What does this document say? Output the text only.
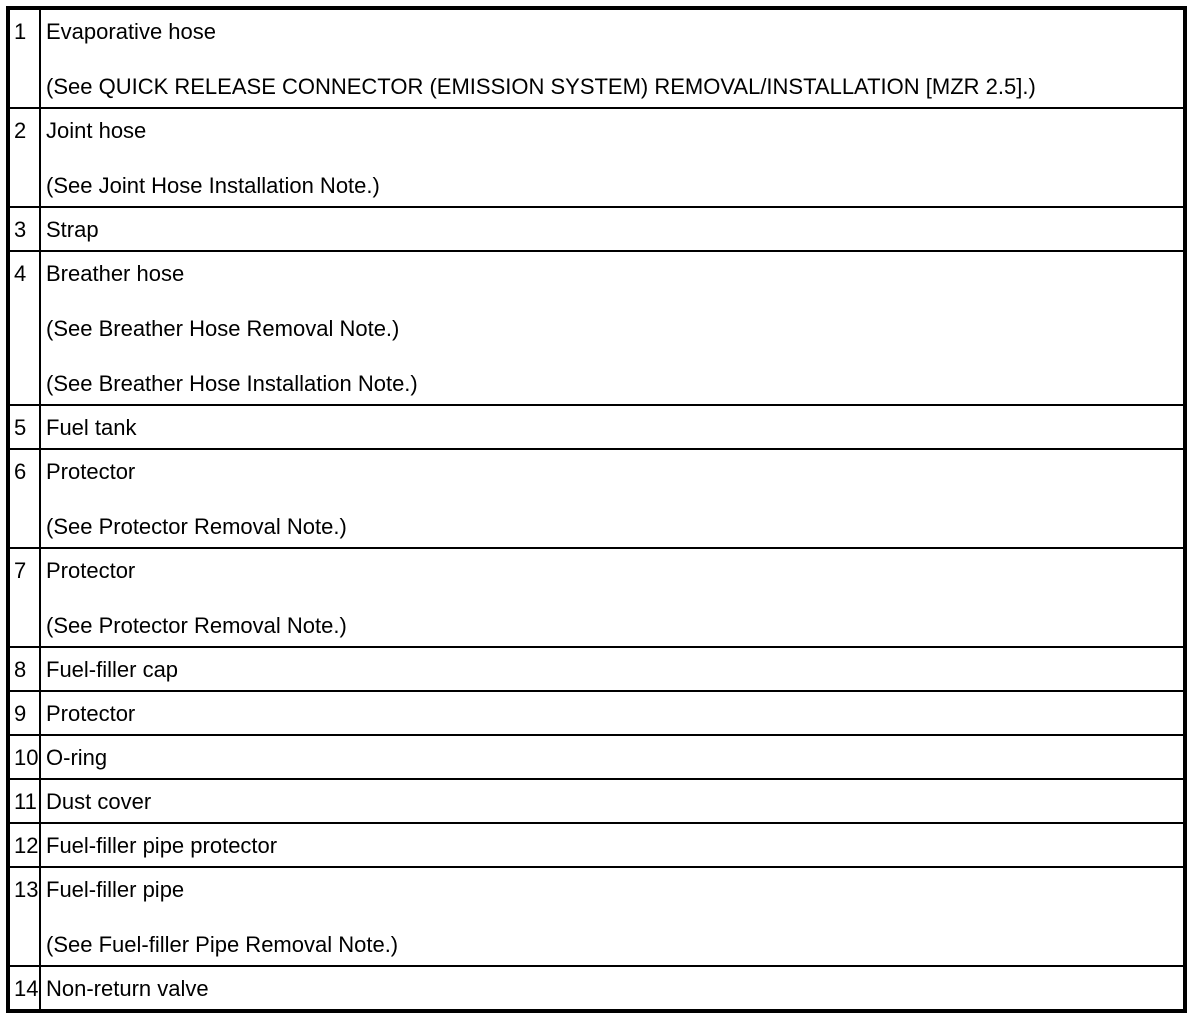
1	Evaporative hose
(See QUICK RELEASE CONNECTOR (EMISSION SYSTEM) REMOVAL/INSTALLATION [MZR 2.5].)

2	Joint hose
(See Joint Hose Installation Note.)

3	Strap

4	Breather hose
(See Breather Hose Removal Note.)
(See Breather Hose Installation Note.)

5	Fuel tank

6	Protector
(See Protector Removal Note.)

7	Protector
(See Protector Removal Note.)

8	Fuel-filler cap

9	Protector

10	O-ring

11	Dust cover

12	Fuel-filler pipe protector

13	Fuel-filler pipe
(See Fuel-filler Pipe Removal Note.)

14	Non-return valve
